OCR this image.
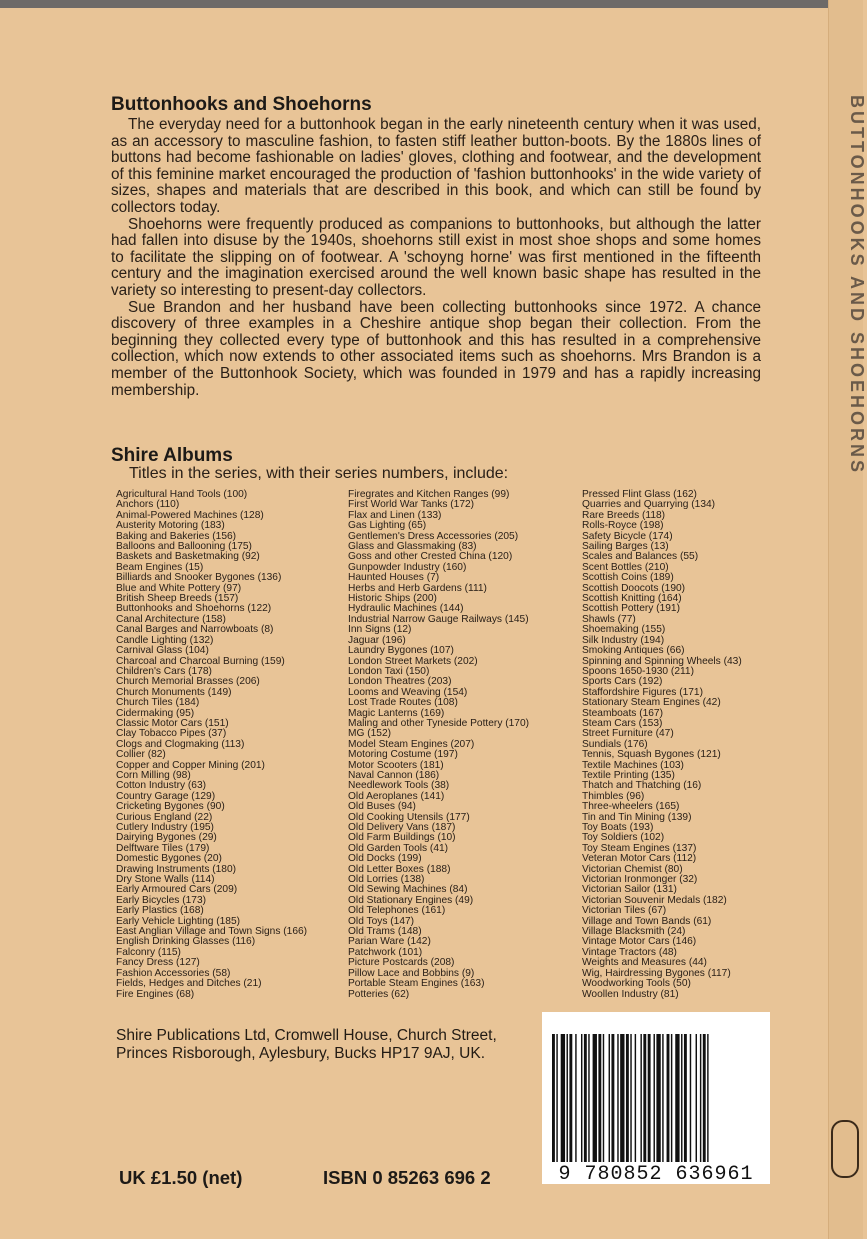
BUTTONHOOKS AND SHOEHORNS
Buttonhooks and Shoehorns

The everyday need for a buttonhook began in the early nineteenth century when it was used, as an accessory to masculine fashion, to fasten stiff leather button-boots. By the 1880s lines of buttons had become fashionable on ladies' gloves, clothing and footwear, and the development of this feminine market encouraged the production of 'fashion buttonhooks' in the wide variety of sizes, shapes and materials that are described in this book, and which can still be found by collectors today.

Shoehorns were frequently produced as companions to buttonhooks, but although the latter had fallen into disuse by the 1940s, shoehorns still exist in most shoe shops and some homes to facilitate the slipping on of footwear. A 'schoyng horne' was first mentioned in the fifteenth century and the imagination exercised around the well known basic shape has resulted in the variety so interesting to present-day collectors.

Sue Brandon and her husband have been collecting buttonhooks since 1972. A chance discovery of three examples in a Cheshire antique shop began their collection. From the beginning they collected every type of buttonhook and this has resulted in a comprehensive collection, which now extends to other associated items such as shoehorns. Mrs Brandon is a member of the Buttonhook Society, which was founded in 1979 and has a rapidly increasing membership.

Shire Albums
Titles in the series, with their series numbers, include:
Agricultural Hand Tools (100)
Anchors (110)
Animal-Powered Machines (128)
Austerity Motoring (183)
Baking and Bakeries (156)
Balloons and Ballooning (175)
Baskets and Basketmaking (92)
Beam Engines (15)
Billiards and Snooker Bygones (136)
Blue and White Pottery (97)
British Sheep Breeds (157)
Buttonhooks and Shoehorns (122)
Canal Architecture (158)
Canal Barges and Narrowboats (8)
Candle Lighting (132)
Carnival Glass (104)
Charcoal and Charcoal Burning (159)
Children's Cars (178)
Church Memorial Brasses (206)
Church Monuments (149)
Church Tiles (184)
Cidermaking (95)
Classic Motor Cars (151)
Clay Tobacco Pipes (37)
Clogs and Clogmaking (113)
Collier (82)
Copper and Copper Mining (201)
Corn Milling (98)
Cotton Industry (63)
Country Garage (129)
Cricketing Bygones (90)
Curious England (22)
Cutlery Industry (195)
Dairying Bygones (29)
Delftware Tiles (179)
Domestic Bygones (20)
Drawing Instruments (180)
Dry Stone Walls (114)
Early Armoured Cars (209)
Early Bicycles (173)
Early Plastics (168)
Early Vehicle Lighting (185)
East Anglian Village and Town Signs (166)
English Drinking Glasses (116)
Falconry (115)
Fancy Dress (127)
Fashion Accessories (58)
Fields, Hedges and Ditches (21)
Fire Engines (68)
Firegrates and Kitchen Ranges (99)
First World War Tanks (172)
Flax and Linen (133)
Gas Lighting (65)
Gentlemen's Dress Accessories (205)
Glass and Glassmaking (83)
Goss and other Crested China (120)
Gunpowder Industry (160)
Haunted Houses (7)
Herbs and Herb Gardens (111)
Historic Ships (200)
Hydraulic Machines (144)
Industrial Narrow Gauge Railways (145)
Inn Signs (12)
Jaguar (196)
Laundry Bygones (107)
London Street Markets (202)
London Taxi (150)
London Theatres (203)
Looms and Weaving (154)
Lost Trade Routes (108)
Magic Lanterns (169)
Maling and other Tyneside Pottery (170)
MG (152)
Model Steam Engines (207)
Motoring Costume (197)
Motor Scooters (181)
Naval Cannon (186)
Needlework Tools (38)
Old Aeroplanes (141)
Old Buses (94)
Old Cooking Utensils (177)
Old Delivery Vans (187)
Old Farm Buildings (10)
Old Garden Tools (41)
Old Docks (199)
Old Letter Boxes (188)
Old Lorries (138)
Old Sewing Machines (84)
Old Stationary Engines (49)
Old Telephones (161)
Old Toys (147)
Old Trams (148)
Parian Ware (142)
Patchwork (101)
Picture Postcards (208)
Pillow Lace and Bobbins (9)
Portable Steam Engines (163)
Potteries (62)
Pressed Flint Glass (162)
Quarries and Quarrying (134)
Rare Breeds (118)
Rolls-Royce (198)
Safety Bicycle (174)
Sailing Barges (13)
Scales and Balances (55)
Scent Bottles (210)
Scottish Coins (189)
Scottish Doocots (190)
Scottish Knitting (164)
Scottish Pottery (191)
Shawls (77)
Shoemaking (155)
Silk Industry (194)
Smoking Antiques (66)
Spinning and Spinning Wheels (43)
Spoons 1650-1930 (211)
Sports Cars (192)
Staffordshire Figures (171)
Stationary Steam Engines (42)
Steamboats (167)
Steam Cars (153)
Street Furniture (47)
Sundials (176)
Tennis, Squash Bygones (121)
Textile Machines (103)
Textile Printing (135)
Thatch and Thatching (16)
Thimbles (96)
Three-wheelers (165)
Tin and Tin Mining (139)
Toy Boats (193)
Toy Soldiers (102)
Toy Steam Engines (137)
Veteran Motor Cars (112)
Victorian Chemist (80)
Victorian Ironmonger (32)
Victorian Sailor (131)
Victorian Souvenir Medals (182)
Victorian Tiles (67)
Village and Town Bands (61)
Village Blacksmith (24)
Vintage Motor Cars (146)
Vintage Tractors (48)
Weights and Measures (44)
Wig, Hairdressing Bygones (117)
Woodworking Tools (50)
Woollen Industry (81)
Shire Publications Ltd, Cromwell House, Church Street, Princes Risborough, Aylesbury, Bucks HP17 9AJ, UK.
9 780852 636961
UK £1.50 (net)	ISBN 0 85263 696 2
